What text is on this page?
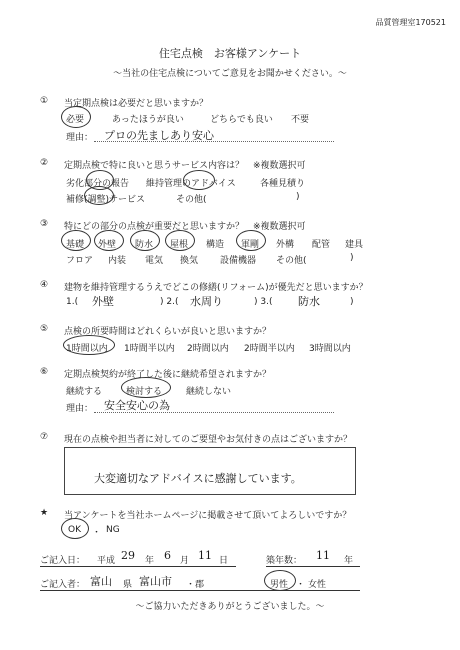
品質管理室170521
住宅点検　お客様アンケート
～当社の住宅点検についてご意見をお聞かせください。～
① 当定期点検は必要だと思いますか？
必要	あったほうが良い	どちらでも良い 不要
理由： プロの先ましあり安心
② 定期点検で特に良いと思うサービス内容は？　※複数選択可
劣化部分の報告 維持管理のアドバイス	各種見積り
補修(調整)サービス	その他(	)
③ 特にどの部分の点検が重要だと思いますか？　※複数選択可
基礎 外壁 防水 屋根 構造 軍剛 外構 配管 建具
フロア 内装 電気 換気 設備機器 その他(	)
④ 建物を維持管理するうえでどこの修繕(リフォーム)が優先だと思いますか？
1.( 外壁	) 2.( 水周り	) 3.( 防水	)
⑤ 点検の所要時間はどれくらいが良いと思いますか？
1時間以内 1時間半以内 2時間以内 2時間半以内 3時間以内
⑥ 定期点検契約が終了した後に継続希望されますか？
継続する	検討する	継続しない
理由： 安全安心の為
⑦ 現在の点検や担当者に対してのご要望やお気付きの点はございますか？
大変適切なアドバイスに感謝しています。
★ 当アンケートを当社ホームページに掲載させて頂いてよろしいですか？
OK ・ NG
ご記入日： 平成 29 年 6 月 11 日	築年数： 11 年
ご記入者： 富山 県 富山市 ・郡	男性 ・ 女性
～ご協力いただきありがとうございました。～
